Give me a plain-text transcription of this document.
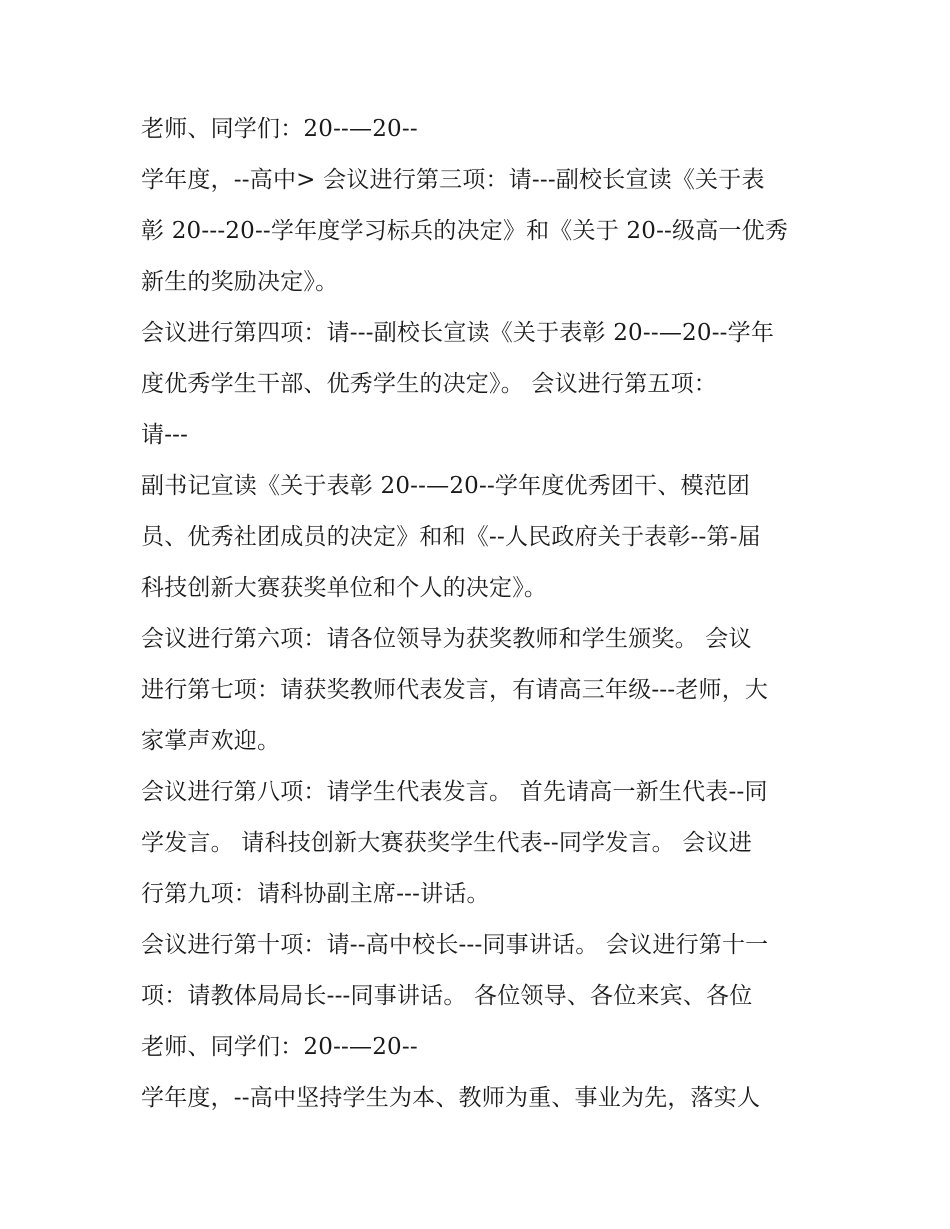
老师、同学们：20--—20--
学年度，--高中> 会议进行第三项：请---副校长宣读《关于表
彰 20---20--学年度学习标兵的决定》和《关于 20--级高一优秀
新生的奖励决定》。
会议进行第四项：请---副校长宣读《关于表彰 20--—20--学年
度优秀学生干部、优秀学生的决定》。 会议进行第五项：
请---
副书记宣读《关于表彰 20--—20--学年度优秀团干、模范团
员、优秀社团成员的决定》和和《--人民政府关于表彰--第-届
科技创新大赛获奖单位和个人的决定》。
会议进行第六项：请各位领导为获奖教师和学生颁奖。 会议
进行第七项：请获奖教师代表发言，有请高三年级---老师，大
家掌声欢迎。
会议进行第八项：请学生代表发言。 首先请高一新生代表--同
学发言。 请科技创新大赛获奖学生代表--同学发言。 会议进
行第九项：请科协副主席---讲话。
会议进行第十项：请--高中校长---同事讲话。 会议进行第十一
项：请教体局局长---同事讲话。 各位领导、各位来宾、各位
老师、同学们：20--—20--
学年度，--高中坚持学生为本、教师为重、事业为先，落实人
